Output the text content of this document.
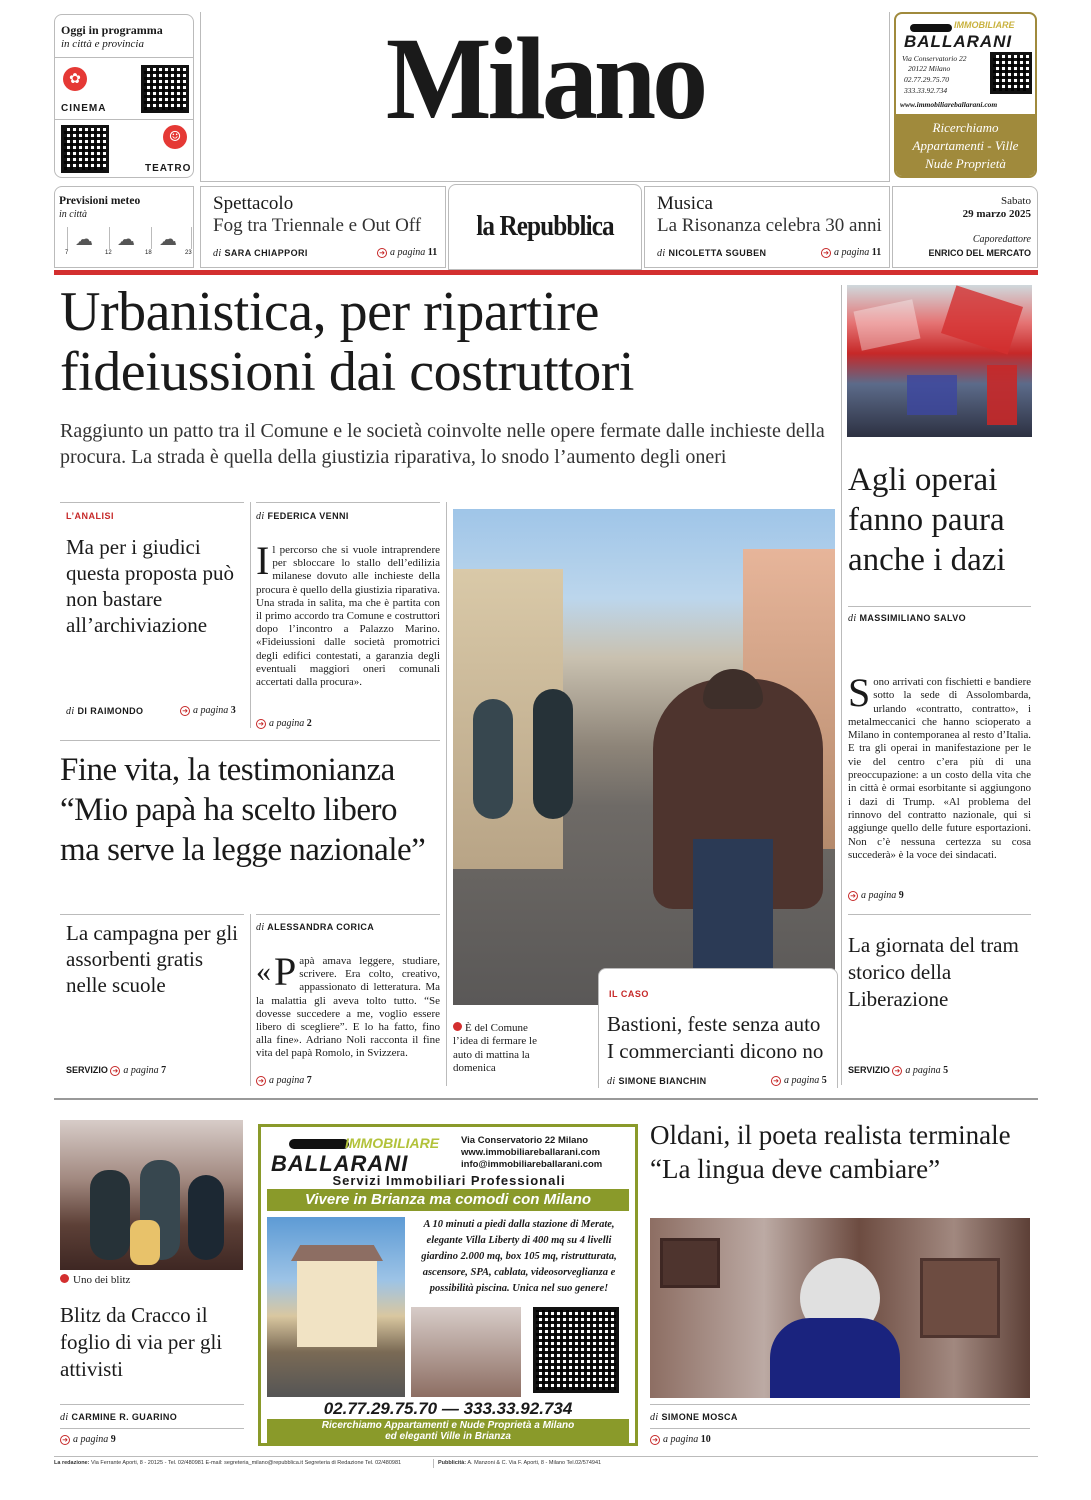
Oggi in programma
in città e provincia
✿
CINEMA
☺
TEATRO
Milano	IMMOBILIARE
BALLARANI
Via Conservatorio 22
20122 Milano
02.77.29.75.70
333.33.92.734
www.immobiliareballarani.com
Ricerchiamo
Appartamenti - Ville
Nude Proprietà
Previsioni meteo
in città
☁ ☁ ☁
7	12	18	23
Spettacolo
Fog tra Triennale e Out Off
di SARA CHIAPPORI	➜ a pagina 11
la Repubblica
Musica
La Risonanza celebra 30 anni
di NICOLETTA SGUBEN	➜ a pagina 11
Sabato
29 marzo 2025
Caporedattore
ENRICO DEL MERCATO
Urbanistica, per ripartire
fideiussioni dai costruttori
Raggiunto un patto tra il Comune e le società coinvolte nelle opere fermate dalle inchieste della procura. La strada è quella della giustizia riparativa, lo snodo l’aumento degli oneri
Agli operai fanno paura anche i dazi
di MASSIMILIANO SALVO
Sono arrivati con fischietti e bandiere sotto la sede di Assolombarda, urlando «contratto, contratto», i metalmeccanici che hanno scioperato a Milano in contemporanea al resto d’Italia. E tra gli operai in manifestazione per le vie del centro c’era più di una preoccupazione: a un costo della vita che in città è ormai esorbitante si aggiungono i dazi di Trump. «Al problema del rinnovo del contratto nazionale, qui si aggiunge quello delle future esportazioni. Non c’è nessuna certezza su cosa succederà» è la voce dei sindacati.
➜ a pagina 9
La giornata del tram storico della Liberazione
SERVIZIO ➜ a pagina 5
L’ANALISI
Ma per i giudici questa proposta può non bastare all’archiviazione
di DI RAIMONDO	➜ a pagina 3
di FEDERICA VENNI
Il percorso che si vuole intraprendere per sbloccare lo stallo dell’edilizia milanese dovuto alle inchieste della procura è quello della giustizia riparativa. Una strada in salita, ma che è partita con il primo accordo tra Comune e costruttori dopo l’incontro a Palazzo Marino. «Fideiussioni dalle società promotrici degli edifici contestati, a garanzia degli eventuali maggiori oneri comunali accertati dalla procura».
➜ a pagina 2
Fine vita, la testimonianza
“Mio papà ha scelto libero
ma serve la legge nazionale”
La campagna per gli assorbenti gratis nelle scuole
SERVIZIO ➜ a pagina 7
di ALESSANDRA CORICA
« P apà amava leggere, studiare, scrivere. Era colto, creativo, appassionato di letteratura. Ma la malattia gli aveva tolto tutto. “Se dovesse succedere a me, voglio essere libero di scegliere”. E lo ha fatto, fino alla fine». Adriano Noli racconta il fine vita del papà Romolo, in Svizzera.
➜ a pagina 7
È del Comune l’idea di fermare le auto di mattina la domenica
IL CASO
Bastioni, feste senza auto
I commercianti dicono no
di SIMONE BIANCHIN	➜ a pagina 5
Uno dei blitz
Blitz da Cracco il foglio di via per gli attivisti
di CARMINE R. GUARINO
➜ a pagina 9
IMMOBILIARE
BALLARANI
Via Conservatorio 22 Milano
www.immobiliareballarani.com
info@immobiliareballarani.com
Servizi Immobiliari Professionali
Vivere in Brianza ma comodi con Milano
A 10 minuti a piedi dalla stazione di Merate, elegante Villa Liberty di 400 mq su 4 livelli giardino 2.000 mq, box 105 mq, ristrutturata, ascensore, SPA, cablata, videosorveglianza e possibilità piscina. Unica nel suo genere!
02.77.29.75.70 — 333.33.92.734
Ricerchiamo Appartamenti e Nude Proprietà a Milano
ed eleganti Ville in Brianza
Oldani, il poeta realista terminale
“La lingua deve cambiare”
di SIMONE MOSCA
➜ a pagina 10
La redazione: Via Ferrante Aporti, 8 - 20125 - Tel. 02/480981 E-mail: segreteria_milano@repubblica.it Segreteria di Redazione Tel. 02/480981	Pubblicità: A. Manzoni & C. Via F. Aporti, 8 - Milano Tel.02/574941
